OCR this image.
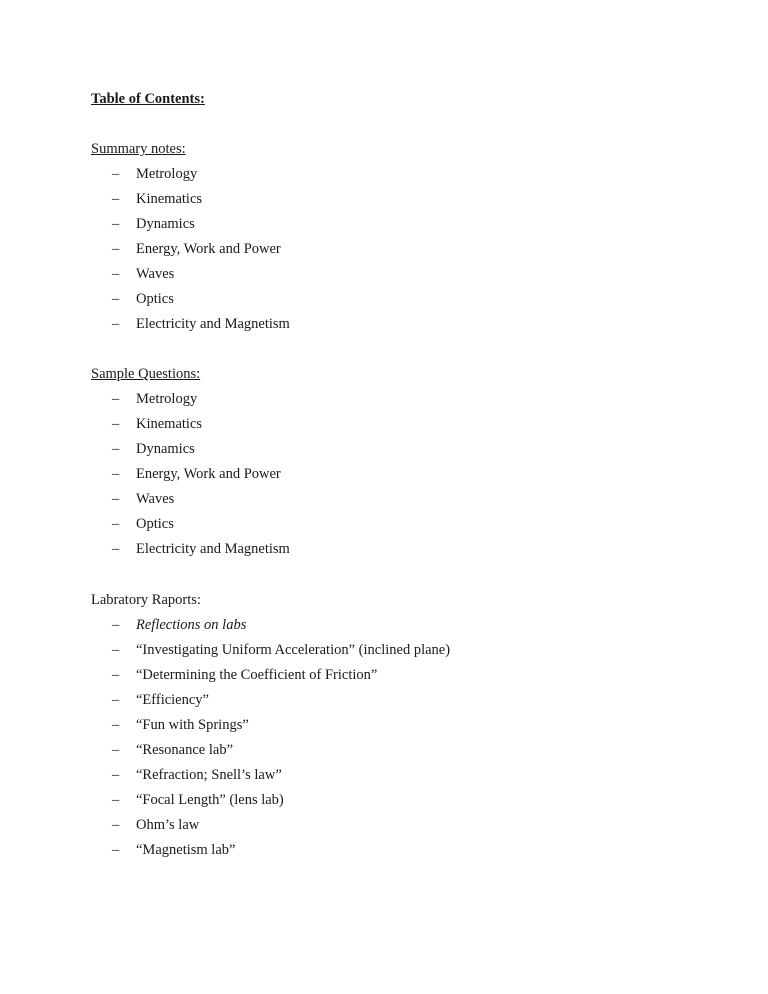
Table of Contents:
Summary notes:
– Metrology
– Kinematics
– Dynamics
– Energy, Work and Power
– Waves
– Optics
– Electricity and Magnetism
Sample Questions:
– Metrology
– Kinematics
– Dynamics
– Energy, Work and Power
– Waves
– Optics
– Electricity and Magnetism
Labratory Raports:
– Reflections on labs
– “Investigating Uniform Acceleration” (inclined plane)
– “Determining the Coefficient of Friction”
– “Efficiency”
– “Fun with Springs”
– “Resonance lab”
– “Refraction; Snell’s law”
– “Focal Length” (lens lab)
– Ohm’s law
– “Magnetism lab”
